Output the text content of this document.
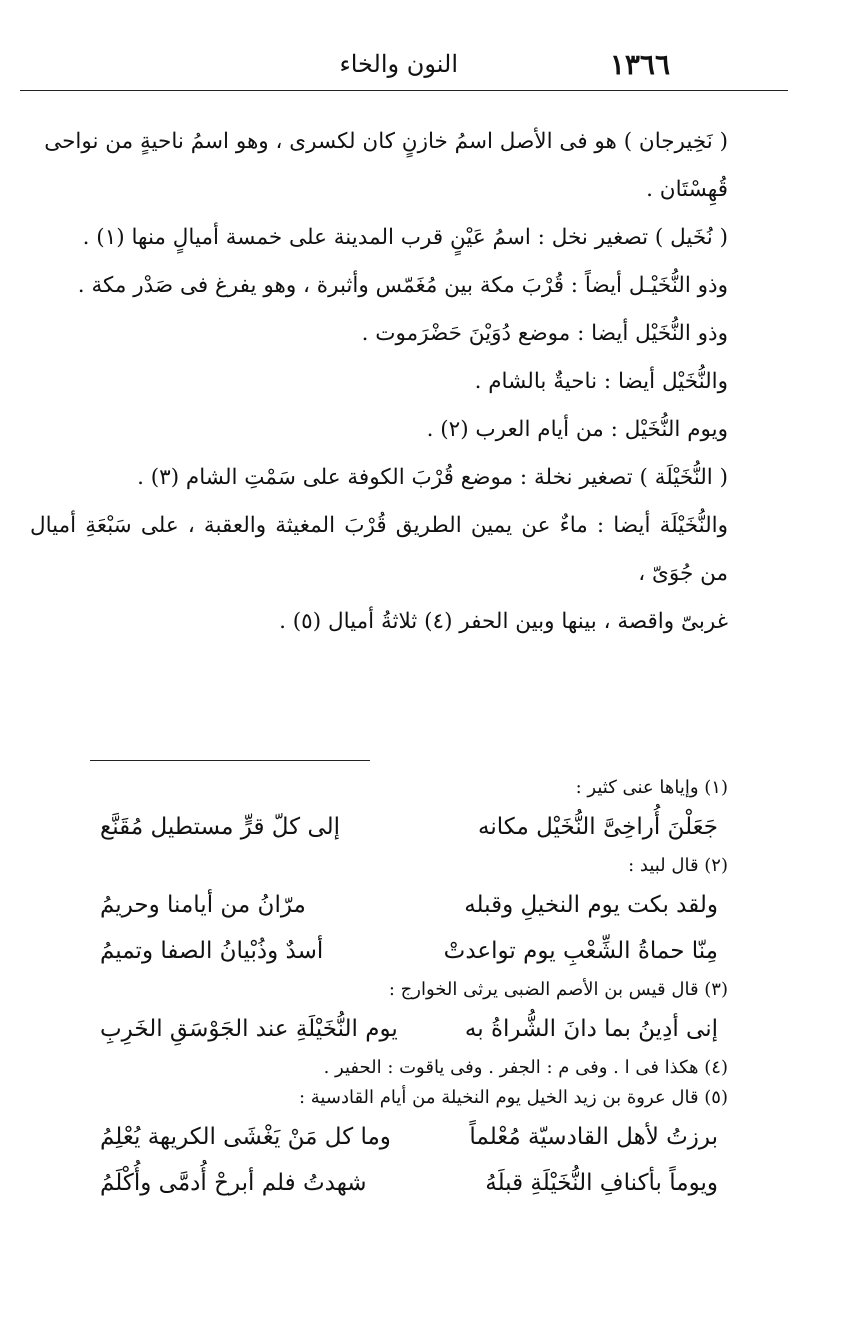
١٣٦٦
النون والخاء

( نَخِيرجان ) هو فى الأصل اسمُ خازنٍ كان لكسرى ، وهو اسمُ ناحيةٍ من نواحى

قُهِسْتَان .

( نُخَيل ) تصغير نخل : اسمُ عَيْنٍ قرب المدينة على خمسة أميالٍ منها (١) .

وذو النُّخَيْـل أيضاً : قُرْبَ مكة بين مُغَمّس وأثبرة ، وهو يفرغ فى صَدْر مكة .

وذو النُّخَيْل أيضا : موضع دُوَيْنَ حَضْرَموت .

والنُّخَيْل أيضا : ناحيةٌ بالشام .

ويوم النُّخَيْل : من أيام العرب (٢) .

( النُّخَيْلَة ) تصغير نخلة : موضع قُرْبَ الكوفة على سَمْتِ الشام (٣) .

والنُّخَيْلَة أيضا : ماءٌ عن يمين الطريق قُرْبَ المغيثة والعقبة ، على سَبْعَةِ أميال من جُوَىّ ،

غربىّ واقصة ، بينها وبين الحفر (٤) ثلاثةُ أميال (٥) .

(١) وإياها عنى كثير :
جَعَلْنَ أُراخِىَّ النُّخَيْل مكانه
إلى كلّ قرٍّ مستطيل مُقَنَّع
(٢) قال لبيد :
ولقد بكت يوم النخيلِ وقبله
مرّانُ من أيامنا وحريمُ
مِنّا حماةُ الشِّعْبِ يوم تواعدتْ
أسدٌ وذُبْيانُ الصفا وتميمُ
(٣) قال قيس بن الأصم الضبى يرثى الخوارج :
إنى أدِينُ بما دانَ الشُّراةُ به
يوم النُّخَيْلَةِ عند الجَوْسَقِ الخَرِبِ
(٤) هكذا فى ا . وفى م : الجفر . وفى ياقوت : الحفير .
(٥) قال عروة بن زيد الخيل يوم النخيلة من أيام القادسية :
برزتُ لأهل القادسيّة مُعْلماً
وما كل مَنْ يَغْشَى الكريهة يُعْلِمُ
ويوماً بأكنافِ النُّخَيْلَةِ قبلَهُ
شهدتُ فلم أبرحْ أُدمَّى وأُكْلَمُ
